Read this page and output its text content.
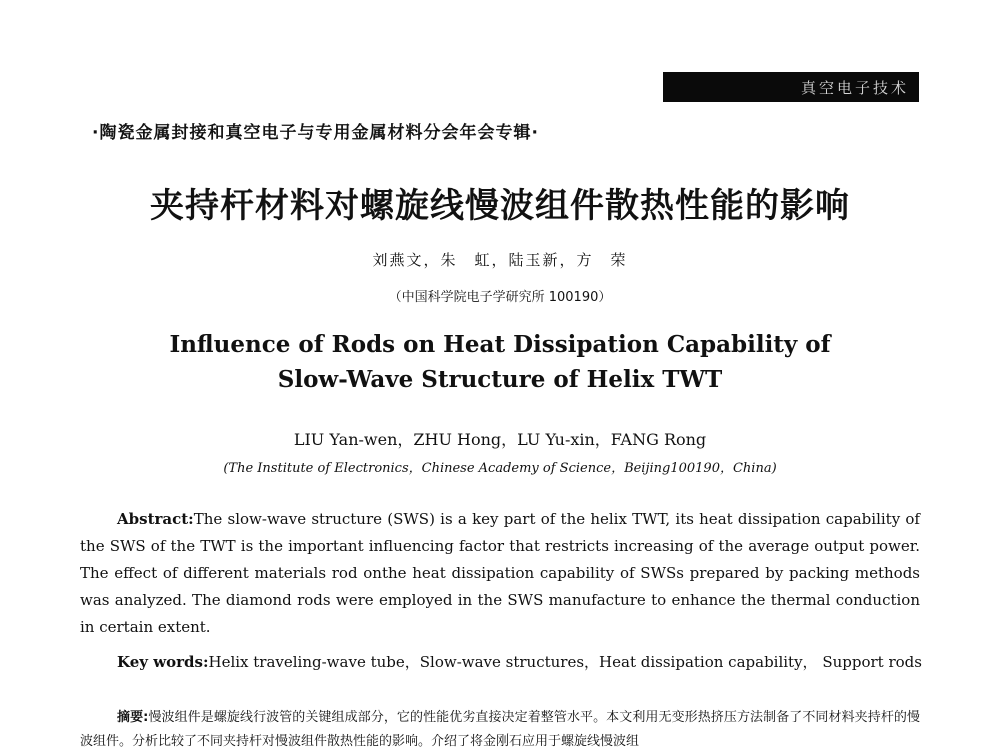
真空电子技术
·陶瓷金属封接和真空电子与专用金属材料分会年会专辑·
夹持杆材料对螺旋线慢波组件散热性能的影响
刘燕文，朱　虹，陆玉新，方　荣
（中国科学院电子学研究所 100190）
Influence of Rods on Heat Dissipation Capability of
Slow-Wave Structure of Helix TWT
LIU Yan-wen，ZHU Hong，LU Yu-xin，FANG Rong
(The Institute of Electronics，Chinese Academy of Science，Beijing100190，China)

Abstract:The slow-wave structure (SWS) is a key part of the helix TWT, its heat dissipation capability of the SWS of the TWT is the important influencing factor that restricts increasing of the average output power. The effect of different materials rod onthe heat dissipation capability of SWSs prepared by packing methods was analyzed. The diamond rods were employed in the SWS manufacture to enhance the thermal conduction in certain extent.

Key words:Helix traveling-wave tube，Slow-wave structures，Heat dissipation capability， Support rods

摘要:慢波组件是螺旋线行波管的关键组成部分，它的性能优劣直接决定着整管水平。本文利用无变形热挤压方法制备了不同材料夹持杆的慢波组件。分析比较了不同夹持杆对慢波组件散热性能的影响。介绍了将金刚石应用于螺旋线慢波组
